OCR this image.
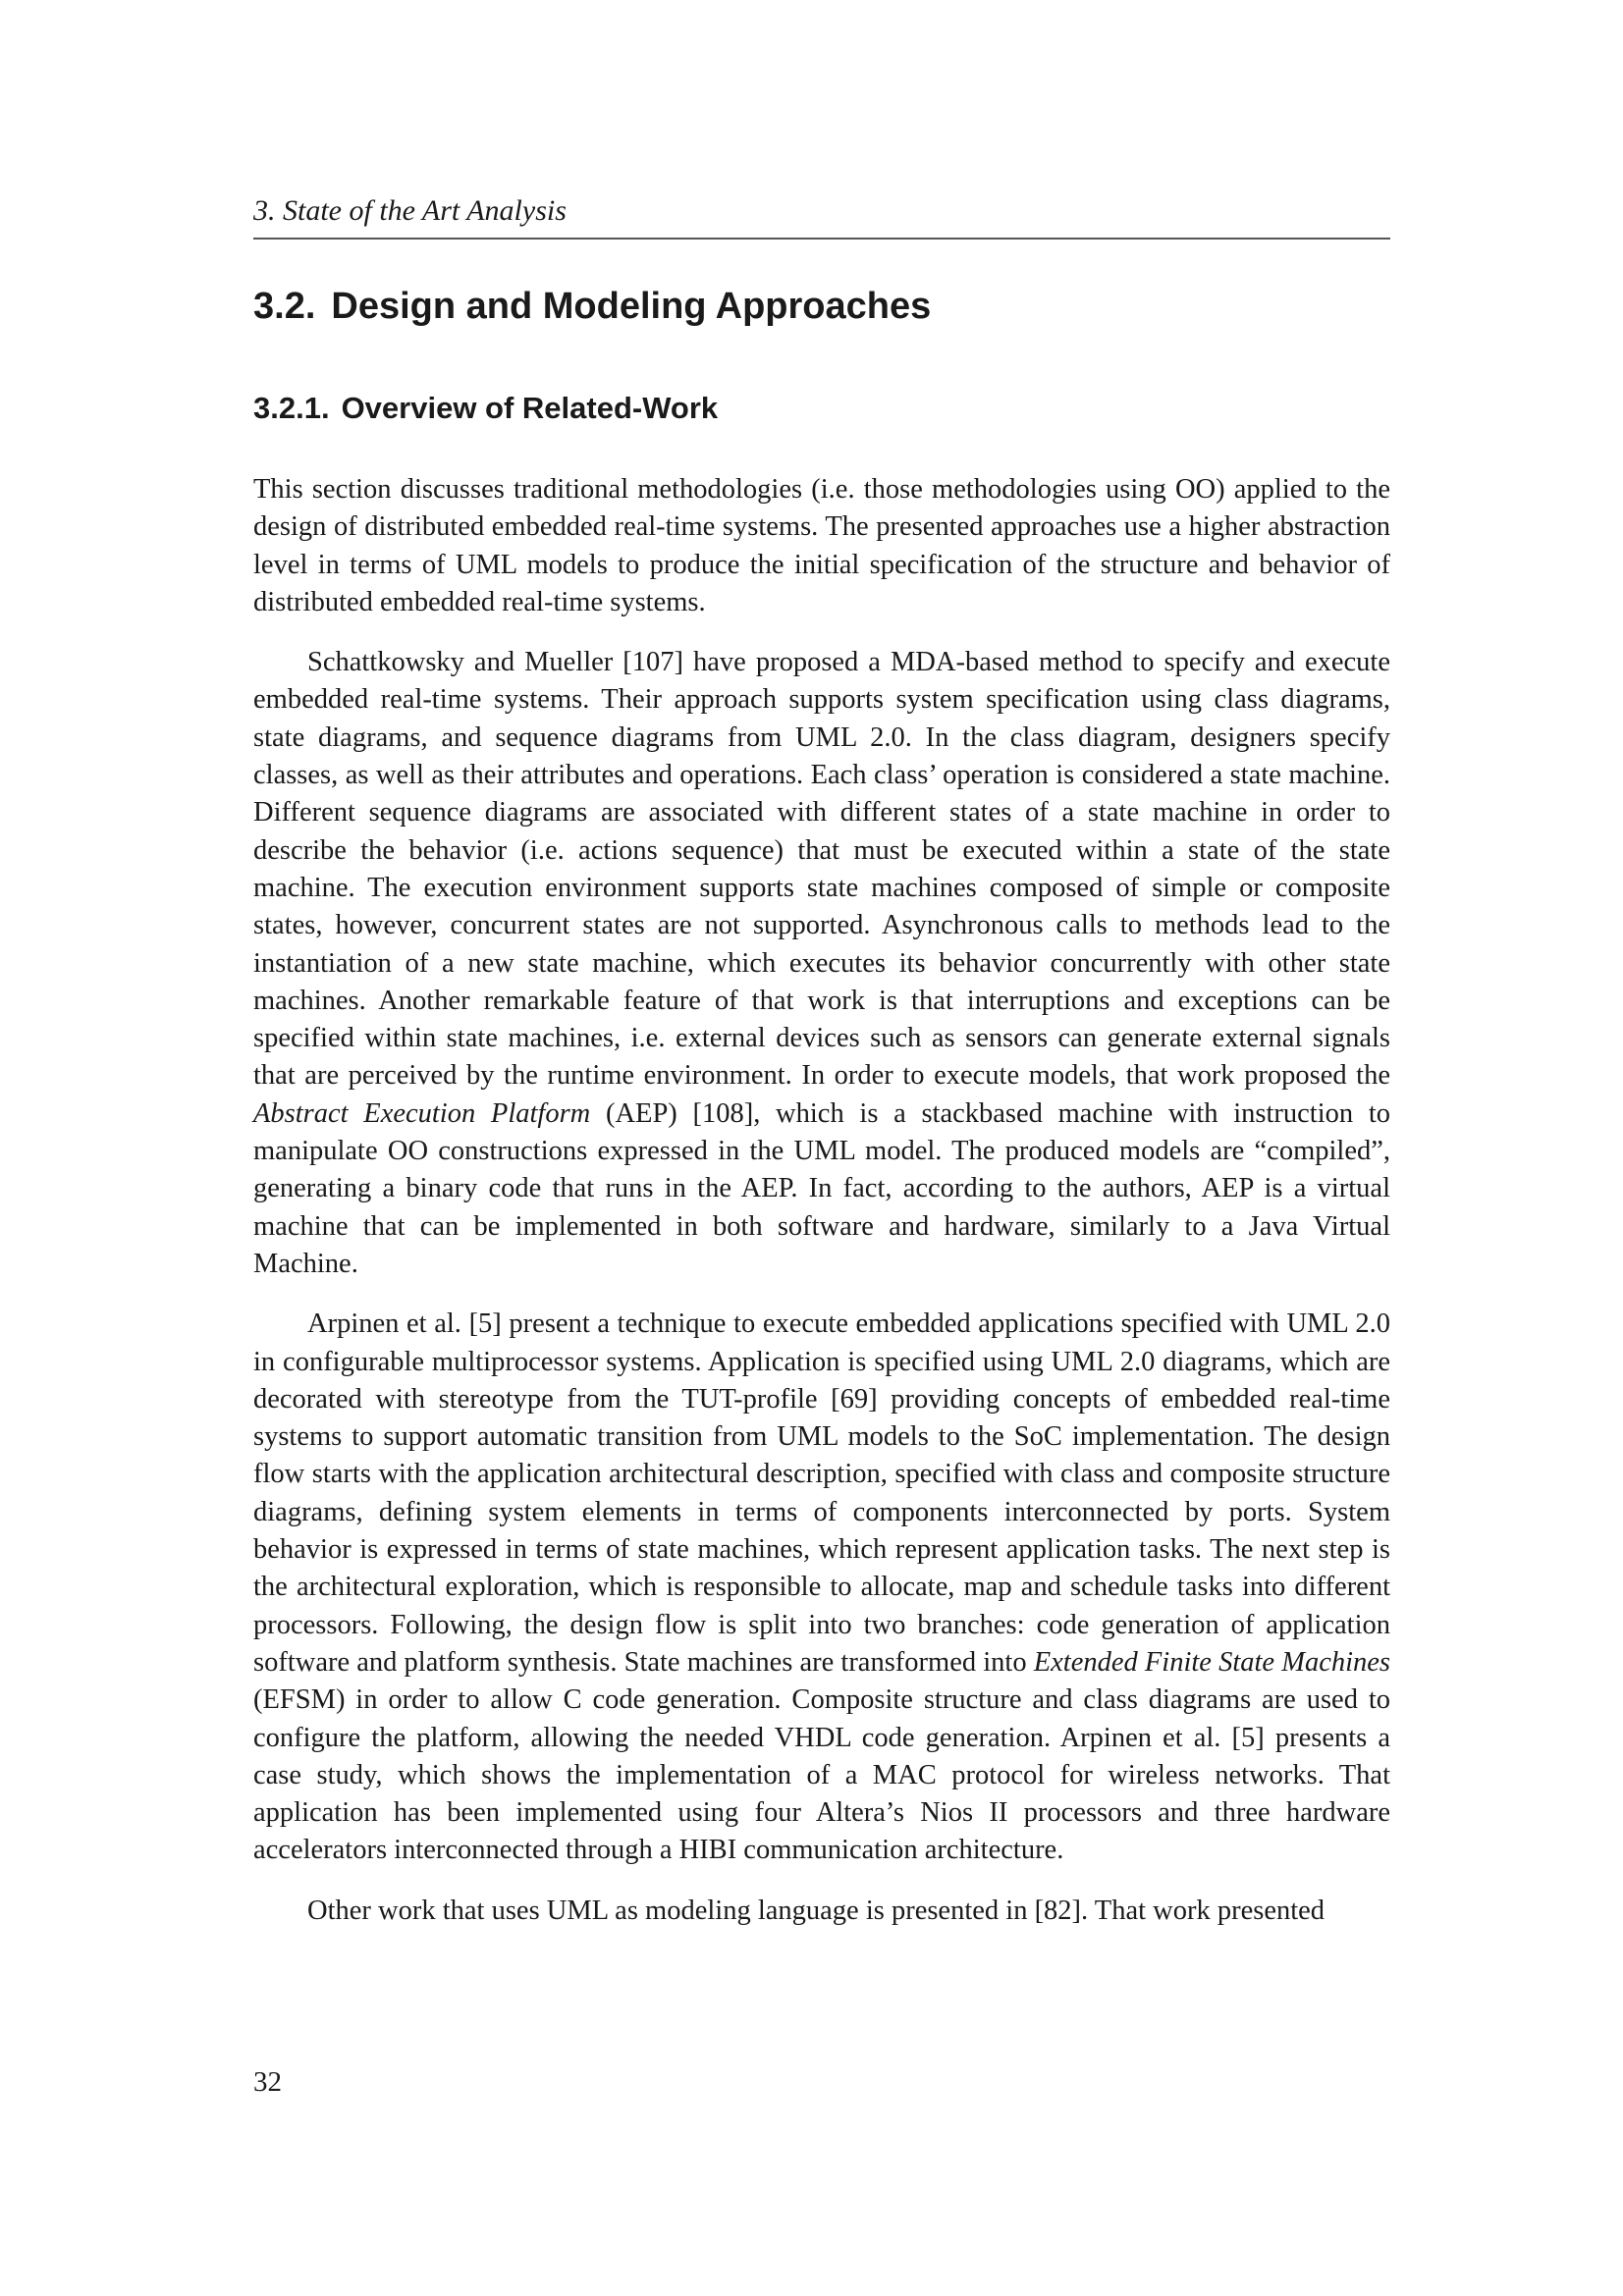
3. State of the Art Analysis
3.2. Design and Modeling Approaches
3.2.1. Overview of Related-Work

This section discusses traditional methodologies (i.e. those methodologies using OO) applied to the design of distributed embedded real-time systems. The presented approaches use a higher abstraction level in terms of UML models to produce the initial specification of the structure and behavior of distributed embedded real-time systems.

Schattkowsky and Mueller [107] have proposed a MDA-based method to specify and execute embedded real-time systems. Their approach supports system specification using class diagrams, state diagrams, and sequence diagrams from UML 2.0. In the class diagram, designers specify classes, as well as their attributes and operations. Each class’ operation is considered a state machine. Different sequence diagrams are associated with different states of a state machine in order to describe the behavior (i.e. actions sequence) that must be executed within a state of the state machine. The execution environment supports state machines composed of simple or composite states, however, concurrent states are not supported. Asynchronous calls to methods lead to the instantiation of a new state machine, which executes its behavior concurrently with other state machines. Another remarkable feature of that work is that interruptions and exceptions can be specified within state machines, i.e. external devices such as sensors can generate external signals that are perceived by the runtime environment. In order to execute models, that work proposed the Abstract Execution Platform (AEP) [108], which is a stackbased machine with instruction to manipulate OO constructions expressed in the UML model. The produced models are “compiled”, generating a binary code that runs in the AEP. In fact, according to the authors, AEP is a virtual machine that can be implemented in both software and hardware, similarly to a Java Virtual Machine.

Arpinen et al. [5] present a technique to execute embedded applications specified with UML 2.0 in configurable multiprocessor systems. Application is specified using UML 2.0 diagrams, which are decorated with stereotype from the TUT-profile [69] providing concepts of embedded real-time systems to support automatic transition from UML models to the SoC implementation. The design flow starts with the application architectural description, specified with class and composite structure diagrams, defining system elements in terms of components interconnected by ports. System behavior is expressed in terms of state machines, which represent application tasks. The next step is the architectural exploration, which is responsible to allocate, map and schedule tasks into different processors. Following, the design flow is split into two branches: code generation of application software and platform synthesis. State machines are transformed into Extended Finite State Machines (EFSM) in order to allow C code generation. Composite structure and class diagrams are used to configure the platform, allowing the needed VHDL code generation. Arpinen et al. [5] presents a case study, which shows the implementation of a MAC protocol for wireless networks. That application has been implemented using four Altera’s Nios II processors and three hardware accelerators interconnected through a HIBI communication architecture.

Other work that uses UML as modeling language is presented in [82]. That work presented

32
